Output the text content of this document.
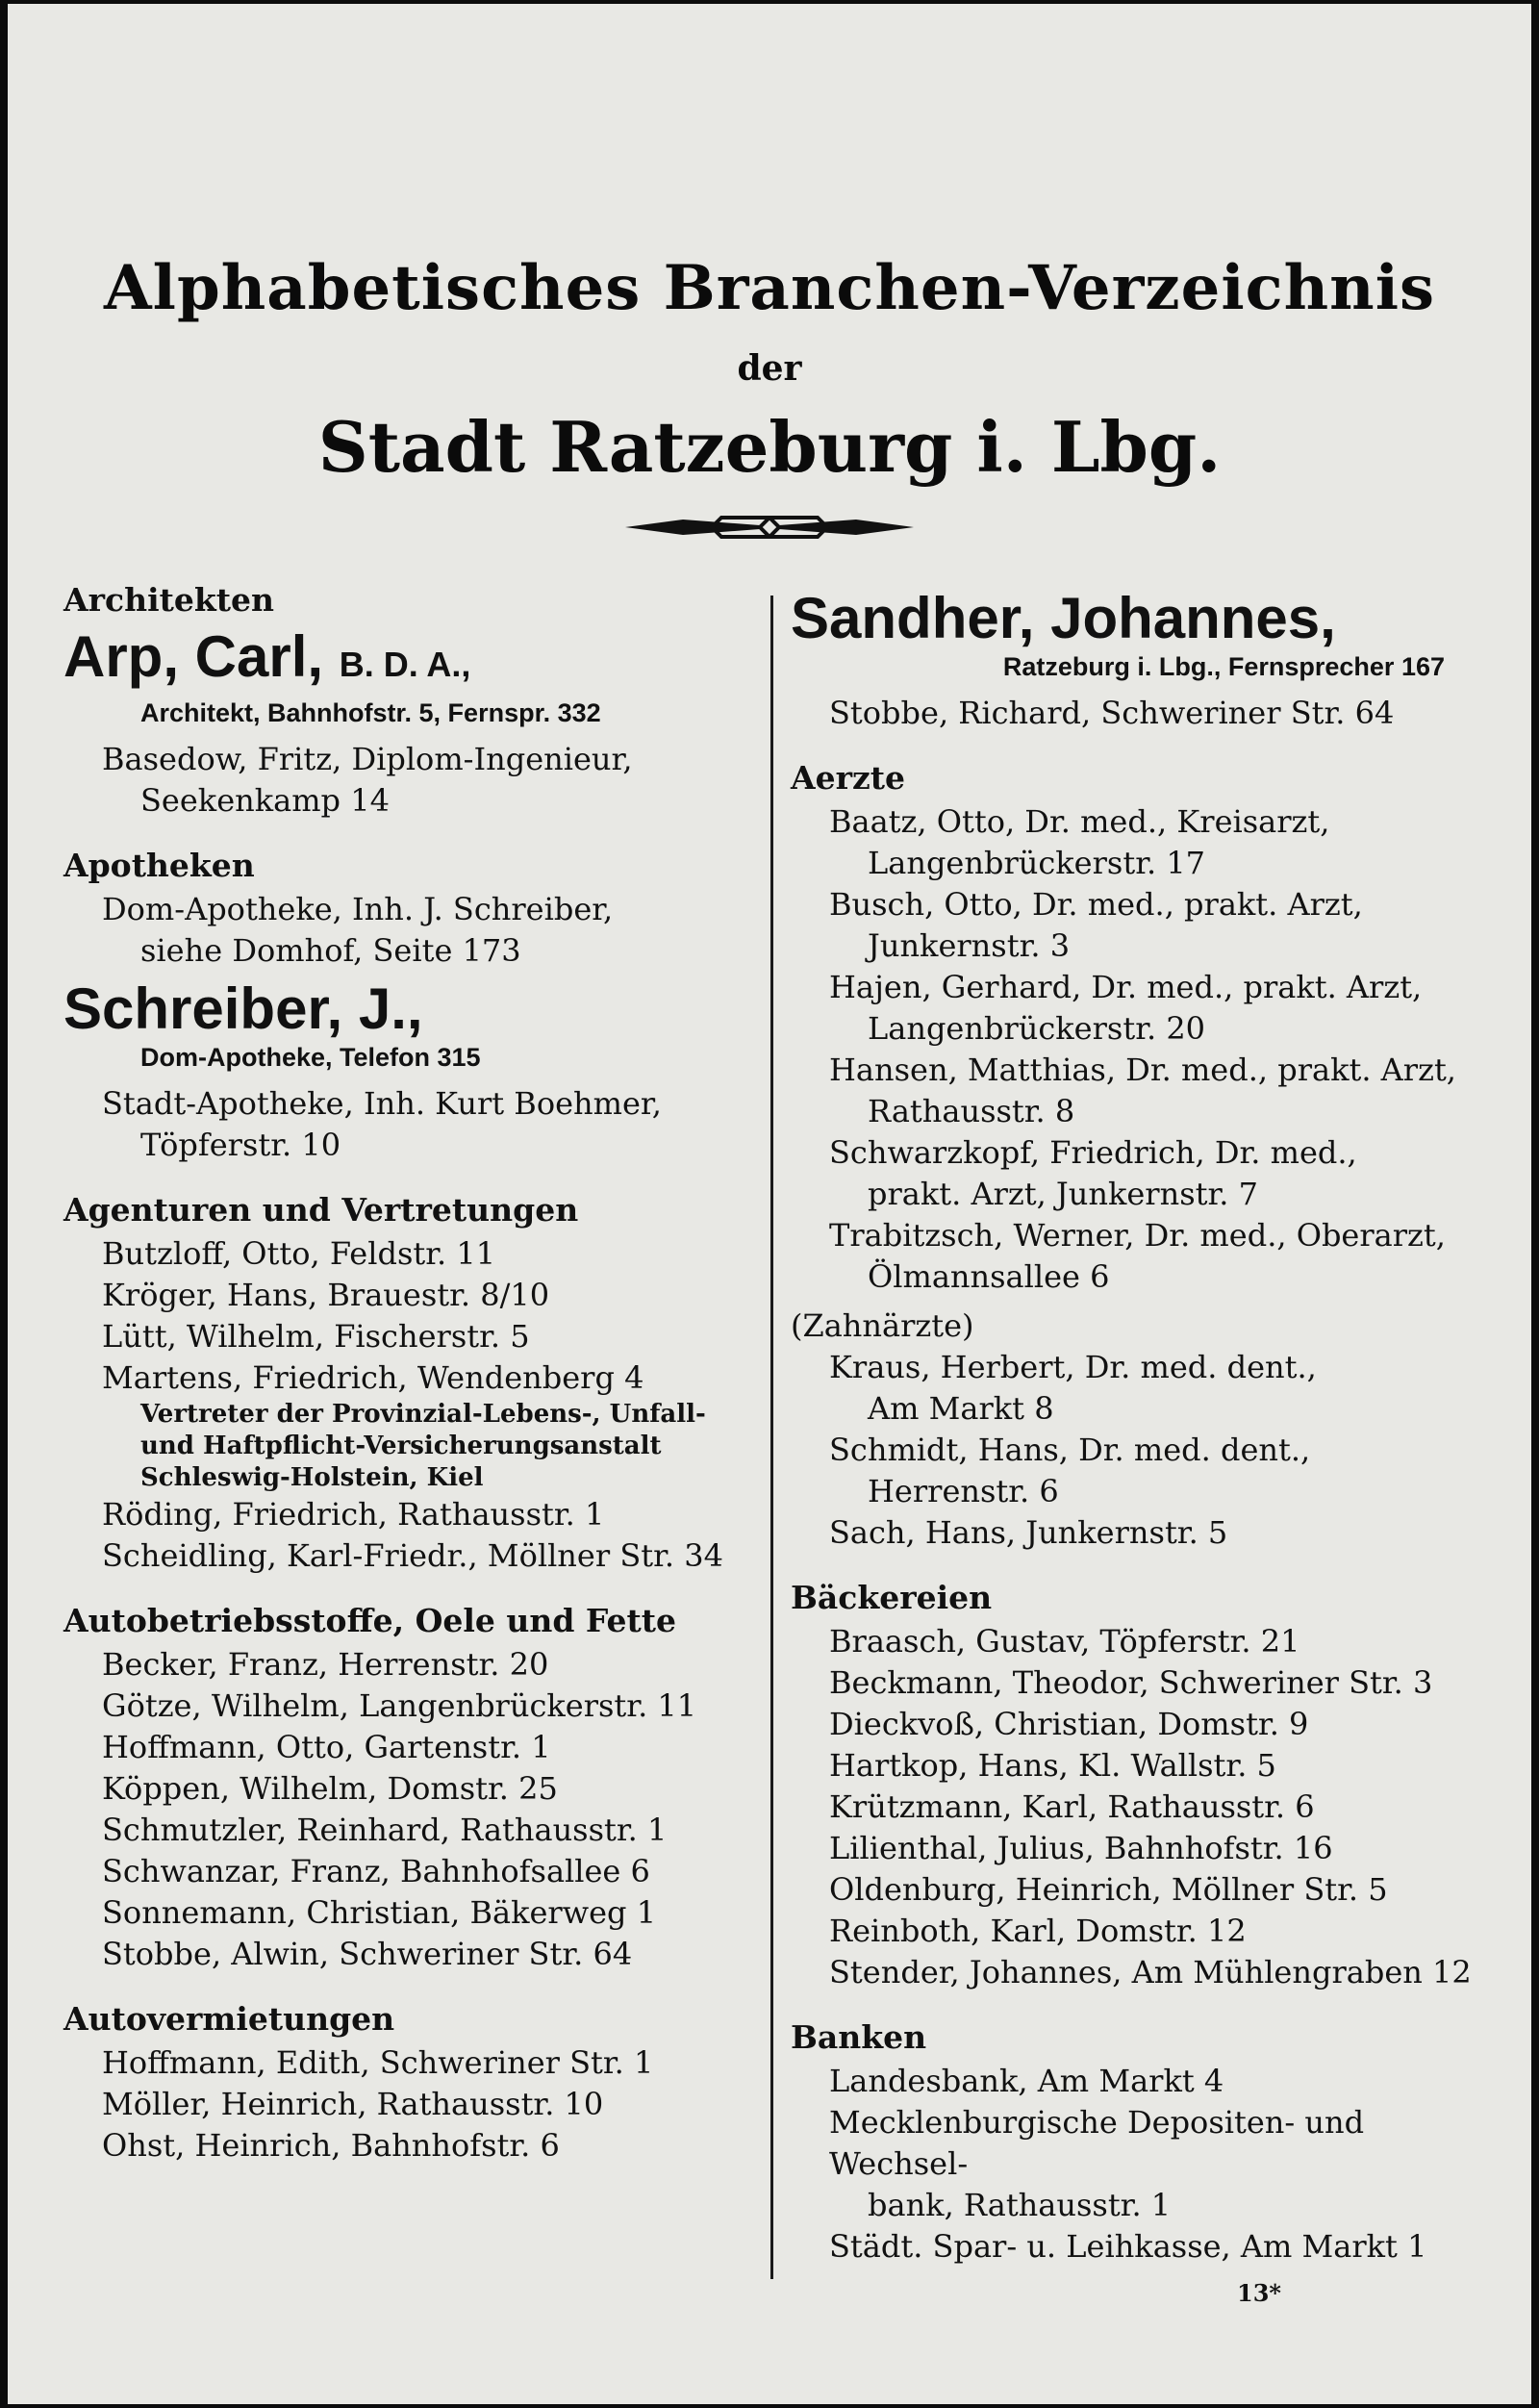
Alphabetisches Branchen-Verzeichnis
der
Stadt Ratzeburg i. Lbg.
Architekten
Arp, Carl, B. D. A.,
Architekt, Bahnhofstr. 5, Fernspr. 332
Basedow, Fritz, Diplom-Ingenieur,
Seekenkamp 14
Apotheken
Dom-Apotheke, Inh. J. Schreiber,
siehe Domhof, Seite 173
Schreiber, J.,
Dom-Apotheke, Telefon 315
Stadt-Apotheke, Inh. Kurt Boehmer,
Töpferstr. 10
Agenturen und Vertretungen
Butzloff, Otto, Feldstr. 11
Kröger, Hans, Brauestr. 8/10
Lütt, Wilhelm, Fischerstr. 5
Martens, Friedrich, Wendenberg 4
Vertreter der Provinzial-Lebens-, Unfall-
und Haftpflicht-Versicherungsanstalt
Schleswig-Holstein, Kiel
Röding, Friedrich, Rathausstr. 1
Scheidling, Karl-Friedr., Möllner Str. 34
Autobetriebsstoffe, Oele und Fette
Becker, Franz, Herrenstr. 20
Götze, Wilhelm, Langenbrückerstr. 11
Hoffmann, Otto, Gartenstr. 1
Köppen, Wilhelm, Domstr. 25
Schmutzler, Reinhard, Rathausstr. 1
Schwanzar, Franz, Bahnhofsallee 6
Sonnemann, Christian, Bäkerweg 1
Stobbe, Alwin, Schweriner Str. 64
Autovermietungen
Hoffmann, Edith, Schweriner Str. 1
Möller, Heinrich, Rathausstr. 10
Ohst, Heinrich, Bahnhofstr. 6
Sandher, Johannes,
Ratzeburg i. Lbg., Fernsprecher 167
Stobbe, Richard, Schweriner Str. 64
Aerzte
Baatz, Otto, Dr. med., Kreisarzt,
Langenbrückerstr. 17
Busch, Otto, Dr. med., prakt. Arzt,
Junkernstr. 3
Hajen, Gerhard, Dr. med., prakt. Arzt,
Langenbrückerstr. 20
Hansen, Matthias, Dr. med., prakt. Arzt,
Rathausstr. 8
Schwarzkopf, Friedrich, Dr. med.,
prakt. Arzt, Junkernstr. 7
Trabitzsch, Werner, Dr. med., Oberarzt,
Ölmannsallee 6
(Zahnärzte)
Kraus, Herbert, Dr. med. dent.,
Am Markt 8
Schmidt, Hans, Dr. med. dent.,
Herrenstr. 6
Sach, Hans, Junkernstr. 5
Bäckereien
Braasch, Gustav, Töpferstr. 21
Beckmann, Theodor, Schweriner Str. 3
Dieckvoß, Christian, Domstr. 9
Hartkop, Hans, Kl. Wallstr. 5
Krützmann, Karl, Rathausstr. 6
Lilienthal, Julius, Bahnhofstr. 16
Oldenburg, Heinrich, Möllner Str. 5
Reinboth, Karl, Domstr. 12
Stender, Johannes, Am Mühlengraben 12
Banken
Landesbank, Am Markt 4
Mecklenburgische Depositen- und Wechsel-
bank, Rathausstr. 1
Städt. Spar- u. Leihkasse, Am Markt 1
13*
